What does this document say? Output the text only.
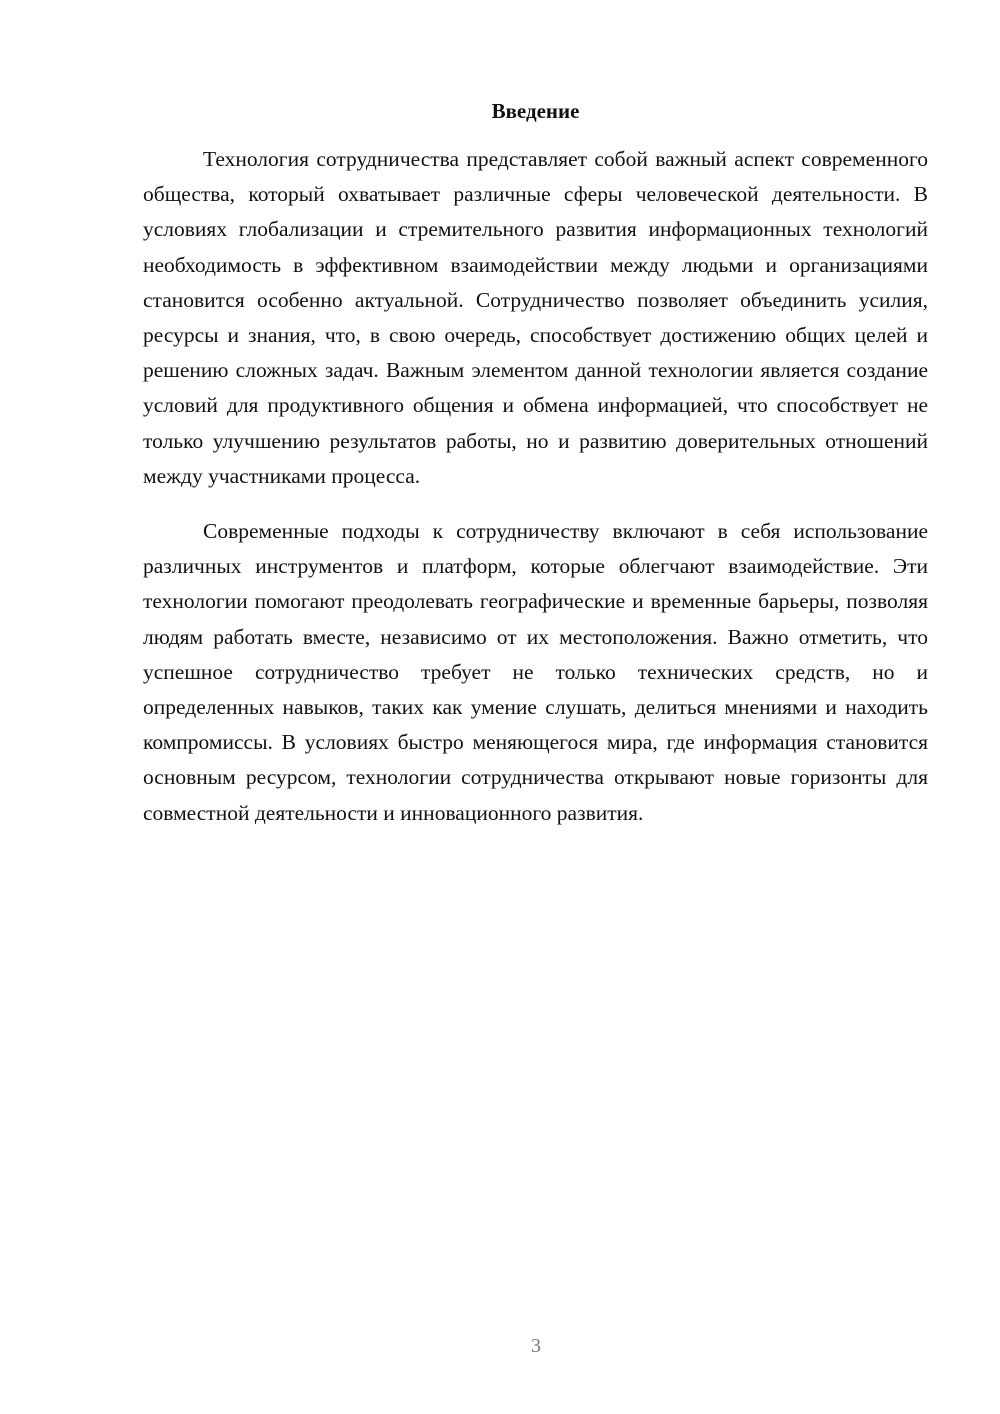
Введение

Технология сотрудничества представляет собой важный аспект современного общества, который охватывает различные сферы человеческой деятельности. В условиях глобализации и стремительного развития информационных технологий необходимость в эффективном взаимодействии между людьми и организациями становится особенно актуальной. Сотрудничество позволяет объединить усилия, ресурсы и знания, что, в свою очередь, способствует достижению общих целей и решению сложных задач. Важным элементом данной технологии является создание условий для продуктивного общения и обмена информацией, что способствует не только улучшению результатов работы, но и развитию доверительных отношений между участниками процесса.

Современные подходы к сотрудничеству включают в себя использование различных инструментов и платформ, которые облегчают взаимодействие. Эти технологии помогают преодолевать географические и временные барьеры, позволяя людям работать вместе, независимо от их местоположения. Важно отметить, что успешное сотрудничество требует не только технических средств, но и определенных навыков, таких как умение слушать, делиться мнениями и находить компромиссы. В условиях быстро меняющегося мира, где информация становится основным ресурсом, технологии сотрудничества открывают новые горизонты для совместной деятельности и инновационного развития.

3
